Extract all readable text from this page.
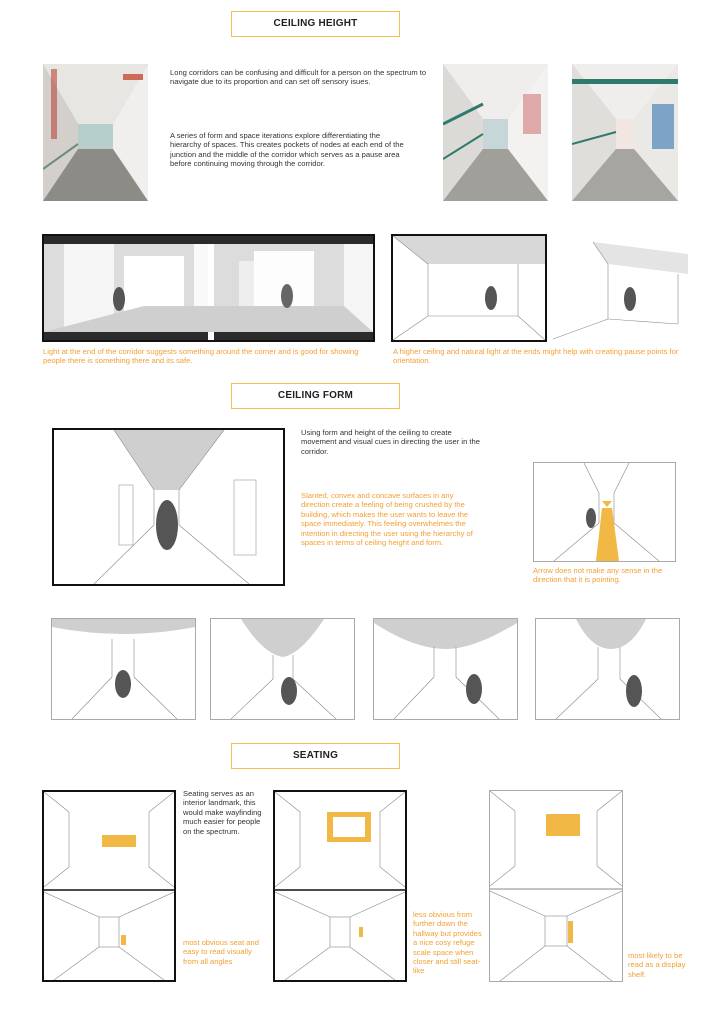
CEILING HEIGHT
Long corridors can be confusing and difficult for a person on the spectrum to navigate due to its proportion and can set off sensory isues.
A series of form and space iterations explore differentiating the hierarchy of spaces. This creates pockets of nodes at each end of the junction and the middle of the corridor which serves as a pause area before continuing moving through the corridor.
Light at the end of the corridor suggests something around the corner and is good for showing people there is something there and its safe.
A higher ceiling and natural light at the ends might help with creating pause points for orientation.
CEILING FORM
Using form and height of the ceiling to create movement and visual cues in directing the user in the corridor.
Slanted, convex and concave surfaces in any direction create a feeling of being crushed by the building, which makes the user wants to leave the space immediately. This feeling overwhelmes the intention in directing the user using the hierarchy of spaces in terms of ceiling height and form.
Arrow does not make any sense in the direction that it is pointing.
SEATING
Seating serves as an interior landmark, this would make wayfinding much easier for people on the spectrum.
most obvious seat and easy to read visually from all angles
less obvious from further down the hallway but provides a nice cosy refuge scale space when closer and still seat-like
most likely to be read as a display shelf.
